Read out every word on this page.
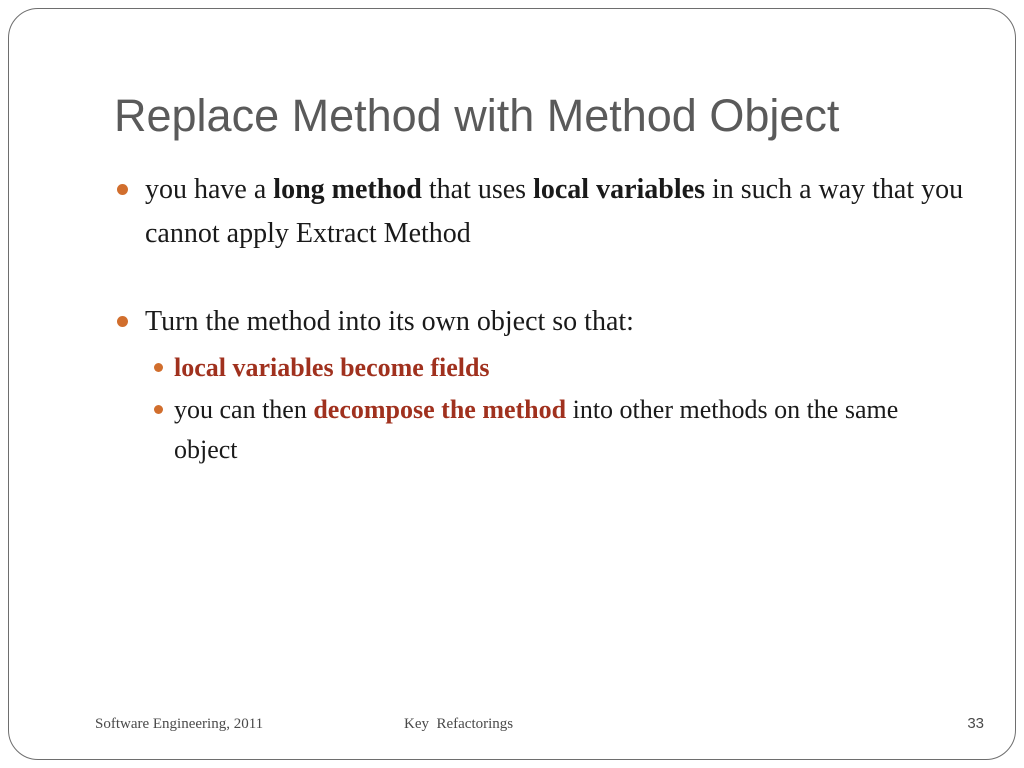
Replace Method with Method Object
you have a long method that uses local variables in such a way that you cannot apply Extract Method
Turn the method into its own object so that:
local variables become fields
you can then decompose the method into other methods on the same object
Software Engineering, 2011	Key  Refactorings	33
